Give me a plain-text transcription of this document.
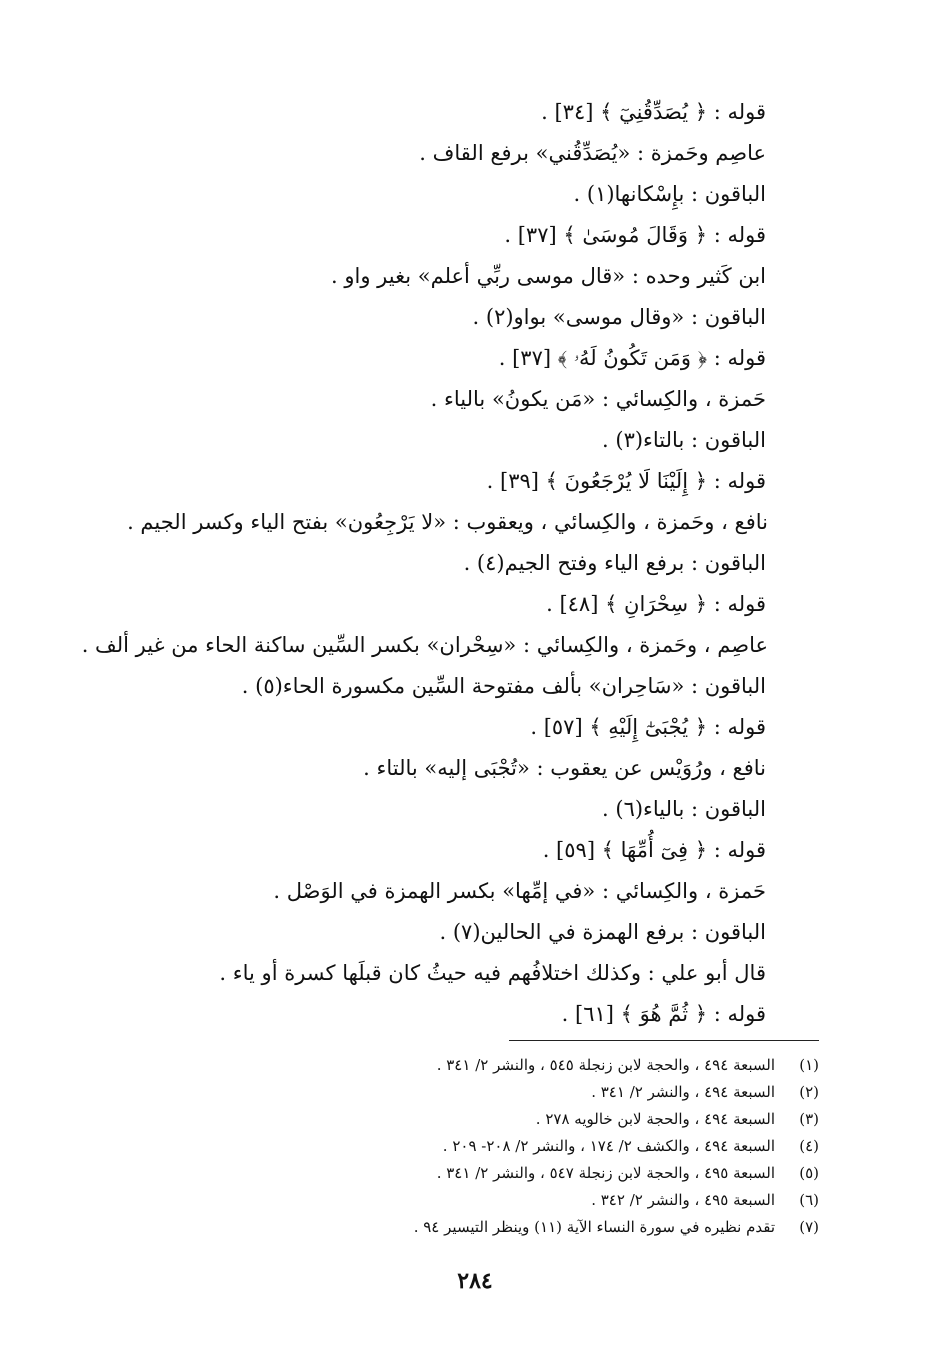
قوله : ﴿ يُصَدِّقُنِيٓ ﴾ [٣٤] .
عاصِم وحَمزة : «يُصَدِّقُني» برفع القاف .
الباقون : بإِسْكانها(١) .
قوله : ﴿ وَقَالَ مُوسَىٰ ﴾ [٣٧] .
ابن كَثير وحده : «قال موسى ربِّي أعلم» بغير واو .
الباقون : «وقال موسى» بواو(٢) .
قوله : ﴿ وَمَن تَكُونُ لَهُۥ ﴾ [٣٧] .
حَمزة ، والكِسائي : «مَن يكونُ» بالياء .
الباقون : بالتاء(٣) .
قوله : ﴿ إِلَيْنَا لَا يُرْجَعُونَ ﴾ [٣٩] .
نافع ، وحَمزة ، والكِسائي ، ويعقوب : «لا يَرْجِعُون» بفتح الياء وكسر الجيم .
الباقون : برفع الياء وفتح الجيم(٤) .
قوله : ﴿ سِحْرَانِ ﴾ [٤٨] .
عاصِم ، وحَمزة ، والكِسائي : «سِحْران» بكسر السِّين ساكنة الحاء من غير ألف .
الباقون : «سَاحِران» بألف مفتوحة السِّين مكسورة الحاء(٥) .
قوله : ﴿ يُجْبَىٰٓ إِلَيْهِ ﴾ [٥٧] .
نافع ، ورُوَيْس عن يعقوب : «تُجْبَى إليه» بالتاء .
الباقون : بالياء(٦) .
قوله : ﴿ فِىٓ أُمِّهَا ﴾ [٥٩] .
حَمزة ، والكِسائي : «في إمِّها» بكسر الهمزة في الوَصْل .
الباقون : برفع الهمزة في الحالين(٧) .
قال أبو علي : وكذلك اختلافُهم فيه حيثُ كان قبلَها كسرة أو ياء .
قوله : ﴿ ثُمَّ هُوَ ﴾ [٦١] .
(١)
السبعة ٤٩٤ ، والحجة لابن زنجلة ٥٤٥ ، والنشر ٢/ ٣٤١ .
(٢)
السبعة ٤٩٤ ، والنشر ٢/ ٣٤١ .
(٣)
السبعة ٤٩٤ ، والحجة لابن خالويه ٢٧٨ .
(٤)
السبعة ٤٩٤ ، والكشف ٢/ ١٧٤ ، والنشر ٢/ ٢٠٨- ٢٠٩ .
(٥)
السبعة ٤٩٥ ، والحجة لابن زنجلة ٥٤٧ ، والنشر ٢/ ٣٤١ .
(٦)
السبعة ٤٩٥ ، والنشر ٢/ ٣٤٢ .
(٧)
تقدم نظيره في سورة النساء الآية (١١) وينظر التيسير ٩٤ .
٢٨٤
